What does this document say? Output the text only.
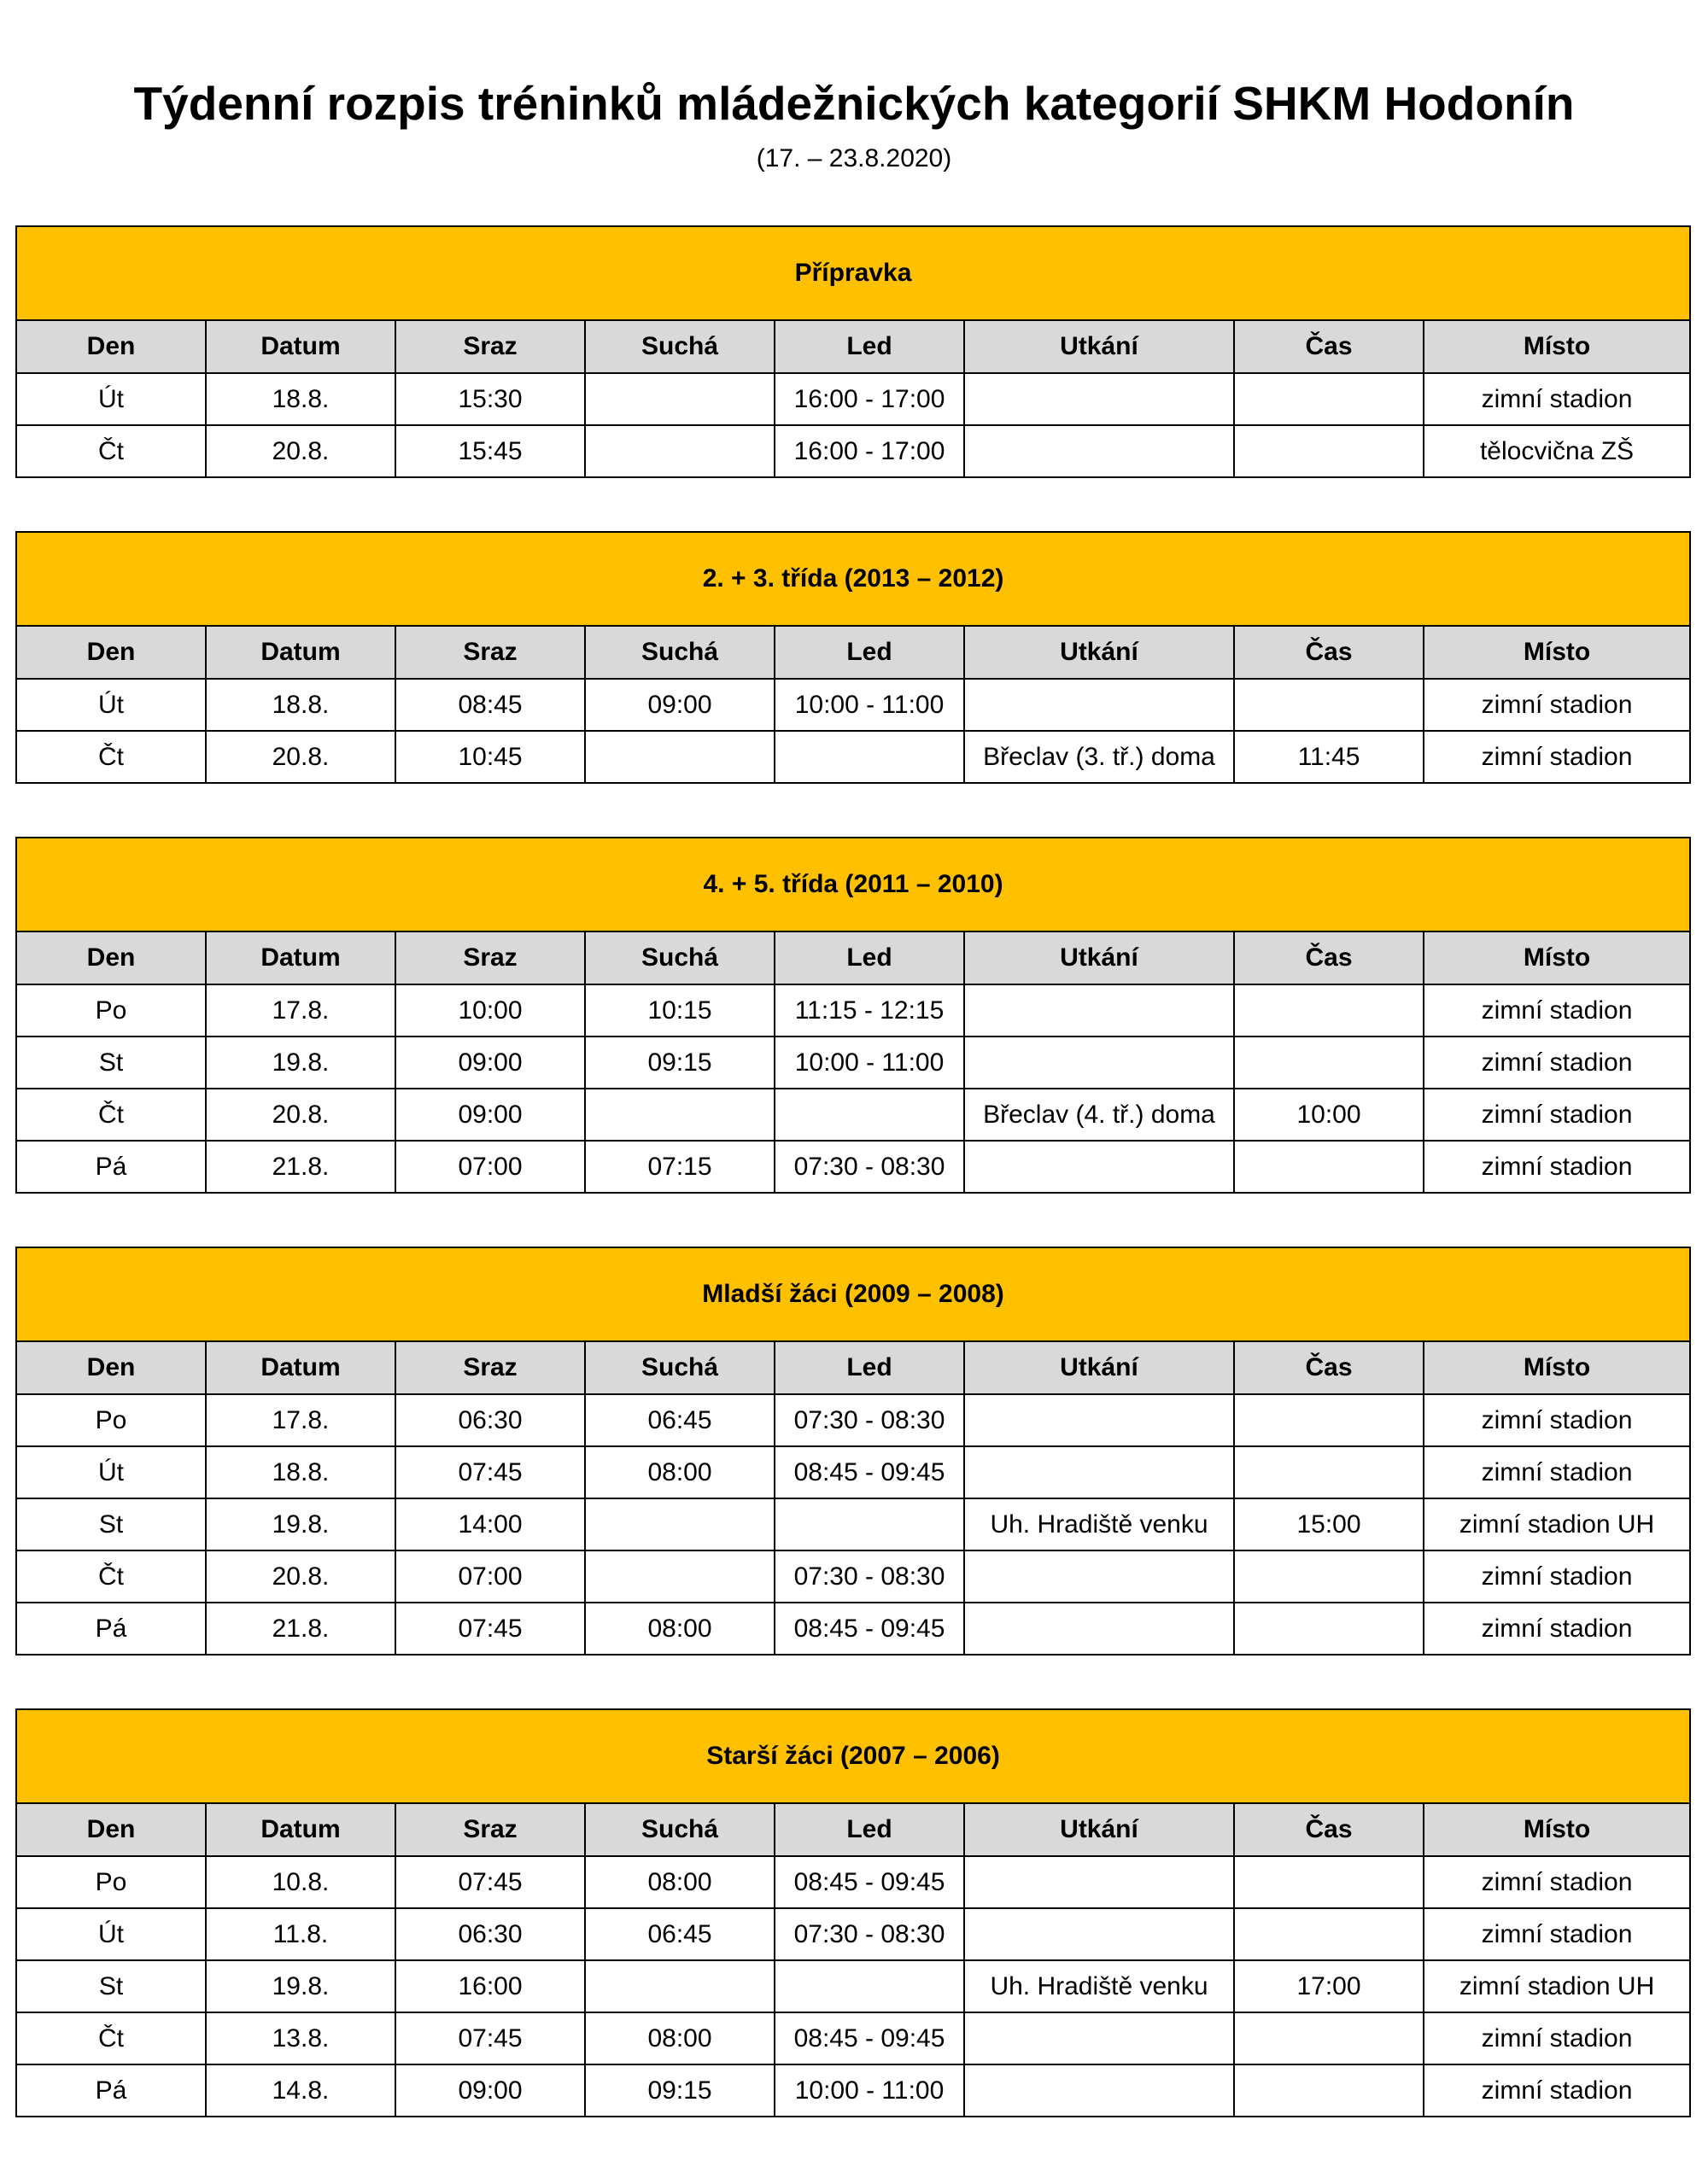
Týdenní rozpis tréninků mládežnických kategorií SHKM Hodonín
(17. – 23.8.2020)
Přípravka							
Den	Datum	Sraz	Suchá	Led	Utkání	Čas	Místo
Út	18.8.	15:30		16:00 - 17:00			zimní stadion
Čt	20.8.	15:45		16:00 - 17:00			tělocvična ZŠ
2. + 3. třída (2013 – 2012)							
Den	Datum	Sraz	Suchá	Led	Utkání	Čas	Místo
Út	18.8.	08:45	09:00	10:00 - 11:00			zimní stadion
Čt	20.8.	10:45			Břeclav (3. tř.) doma	11:45	zimní stadion
4. + 5. třída (2011 – 2010)							
Den	Datum	Sraz	Suchá	Led	Utkání	Čas	Místo
Po	17.8.	10:00	10:15	11:15 - 12:15			zimní stadion
St	19.8.	09:00	09:15	10:00 - 11:00			zimní stadion
Čt	20.8.	09:00			Břeclav (4. tř.) doma	10:00	zimní stadion
Pá	21.8.	07:00	07:15	07:30 - 08:30			zimní stadion
Mladší žáci (2009 – 2008)							
Den	Datum	Sraz	Suchá	Led	Utkání	Čas	Místo
Po	17.8.	06:30	06:45	07:30 - 08:30			zimní stadion
Út	18.8.	07:45	08:00	08:45 - 09:45			zimní stadion
St	19.8.	14:00			Uh. Hradiště venku	15:00	zimní stadion UH
Čt	20.8.	07:00		07:30 - 08:30			zimní stadion
Pá	21.8.	07:45	08:00	08:45 - 09:45			zimní stadion
Starší žáci (2007 – 2006)							
Den	Datum	Sraz	Suchá	Led	Utkání	Čas	Místo
Po	10.8.	07:45	08:00	08:45 - 09:45			zimní stadion
Út	11.8.	06:30	06:45	07:30 - 08:30			zimní stadion
St	19.8.	16:00			Uh. Hradiště venku	17:00	zimní stadion UH
Čt	13.8.	07:45	08:00	08:45 - 09:45			zimní stadion
Pá	14.8.	09:00	09:15	10:00 - 11:00			zimní stadion
